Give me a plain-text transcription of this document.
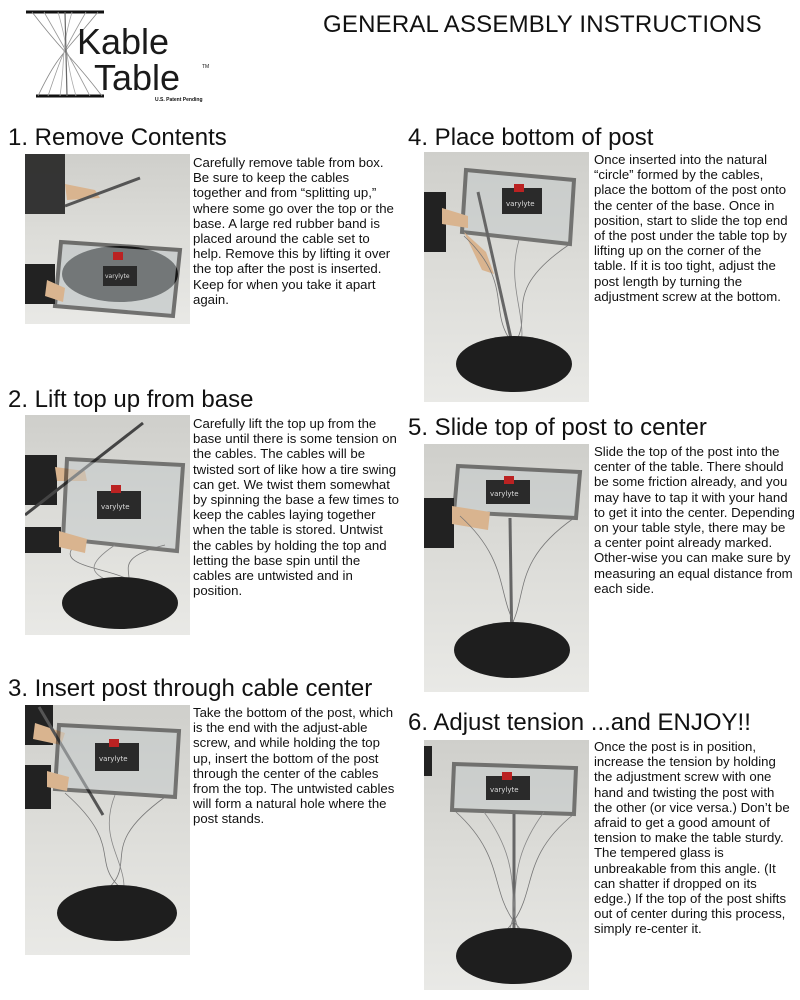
Kable
Table	TM
U.S. Patent Pending
GENERAL ASSEMBLY INSTRUCTIONS
1. Remove Contents
varylyte
Carefully remove table from box. Be sure to keep the cables together and from “splitting up,” where some go over the top or the base. A large red rubber band is placed around the cable set to help. Remove this by lifting it over the top after the post is inserted. Keep for when you take it apart again.
2. Lift top up from base
varylyte
Carefully lift the top up from the base until there is some tension on the cables. The cables will be twisted sort of like how a tire swing can get. We twist them somewhat by spinning the base a few times to keep the cables laying together when the table is stored. Untwist the cables by holding the top and letting the base spin until the cables are untwisted and in position.
3. Insert post through cable center
varylyte
Take the bottom of the post, which is the end with the adjust-able screw, and while holding the top up, insert the bottom of the post through the center of the cables from the top. The untwisted cables will form a natural hole where the post stands.
4. Place bottom of post
varylyte
Once inserted into the natural “circle” formed by the cables, place the bottom of the post onto the center of the base. Once in position, start to slide the top end of the post under the table top by lifting up on the corner of the table. If it is too tight, adjust the post length by turning the adjustment screw at the bottom.
5. Slide top of post to center
varylyte
Slide the top of the post into the center of the table. There should be some friction already, and you may have to tap it with your hand to get it into the center. Depending on your table style, there may be a center point already marked. Other-wise you can make sure by measuring an equal distance from each side.
6. Adjust tension ...and ENJOY!!
varylyte
Once the post is in position, increase the tension by holding the adjustment screw with one hand and twisting the post with the other (or vice versa.) Don’t be afraid to get a good amount of tension to make the table sturdy. The tempered glass is unbreakable from this angle. (It can shatter if dropped on its edge.) If the top of the post shifts out of center during this process, simply re-center it.
